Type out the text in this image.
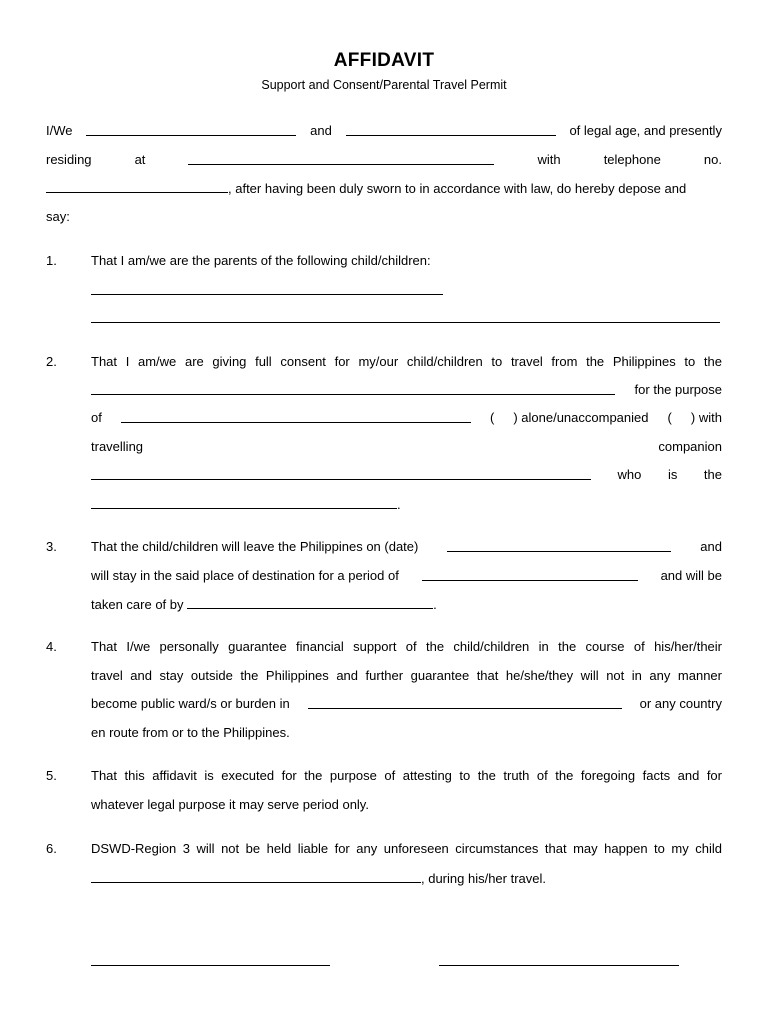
AFFIDAVIT
Support and Consent/Parental Travel Permit
I/We	and	of legal age, and presently
residing	at	with	telephone	no.
, after having been duly sworn to in accordance with law, do hereby depose and
say:
1.	That I am/we are the parents of the following child/children:
2.	That I am/we are giving full consent for my/our child/children to travel from the Philippines to the
for the purpose
of	( ) alone/unaccompanied ( ) with
travelling	companion
who is the
.
3.	That the child/children will leave the Philippines on (date)	and
will stay in the said place of destination for a period of	and will be
taken care of by	.
4.	That I/we personally guarantee financial support of the child/children in the course of his/her/their
travel and stay outside the Philippines and further guarantee that he/she/they will not in any manner
become public ward/s or burden in	or any country
en route from or to the Philippines.
5.	That this affidavit is executed for the purpose of attesting to the truth of the foregoing facts and for
whatever legal purpose it may serve period only.
6.	DSWD-Region 3 will not be held liable for any unforeseen circumstances that may happen to my child
, during his/her travel.
